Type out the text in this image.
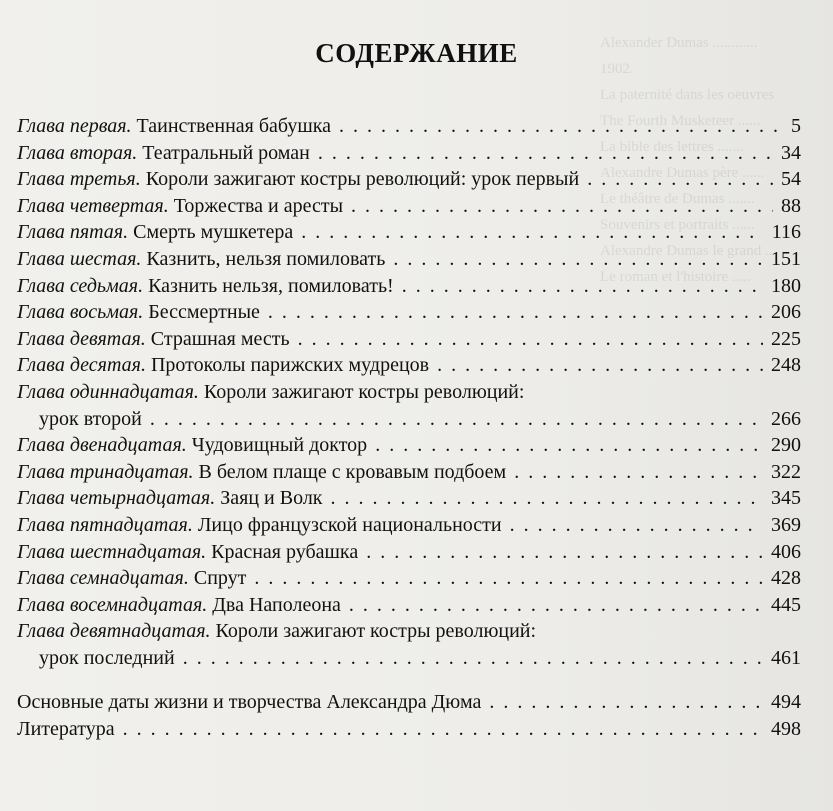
Alexander Dumas ............
1902.
La paternité dans les oeuvres
The Fourth Musketeer ......
La bible des lettres .......
Alexandre Dumas père ......
Le théâtre de Dumas .......
Souvenirs et portraits ......
Alexandre Dumas le grand ..
Le roman et l'histoire .....
СОДЕРЖАНИЕ
Глава первая. Таинственная бабушка . . .	5
Глава вторая. Театральный роман . . .	34
Глава третья. Короли зажигают костры революций: урок первый . . .	54
Глава четвертая. Торжества и аресты . . .	88
Глава пятая. Смерть мушкетера . . .	116
Глава шестая. Казнить, нельзя помиловать . . .	151
Глава седьмая. Казнить нельзя, помиловать! . . .	180
Глава восьмая. Бессмертные . . .	206
Глава девятая. Страшная месть . . .	225
Глава десятая. Протоколы парижских мудрецов . . .	248
Глава одиннадцатая. Короли зажигают костры революций:
урок второй . . .	266
Глава двенадцатая. Чудовищный доктор . . .	290
Глава тринадцатая. В белом плаще с кровавым подбоем . . .	322
Глава четырнадцатая. Заяц и Волк . . .	345
Глава пятнадцатая. Лицо французской национальности . . .	369
Глава шестнадцатая. Красная рубашка . . .	406
Глава семнадцатая. Спрут . . .	428
Глава восемнадцатая. Два Наполеона . . .	445
Глава девятнадцатая. Короли зажигают костры революций:
урок последний . . .	461
Основные даты жизни и творчества Александра Дюма . . .	494
Литература . . .	498
